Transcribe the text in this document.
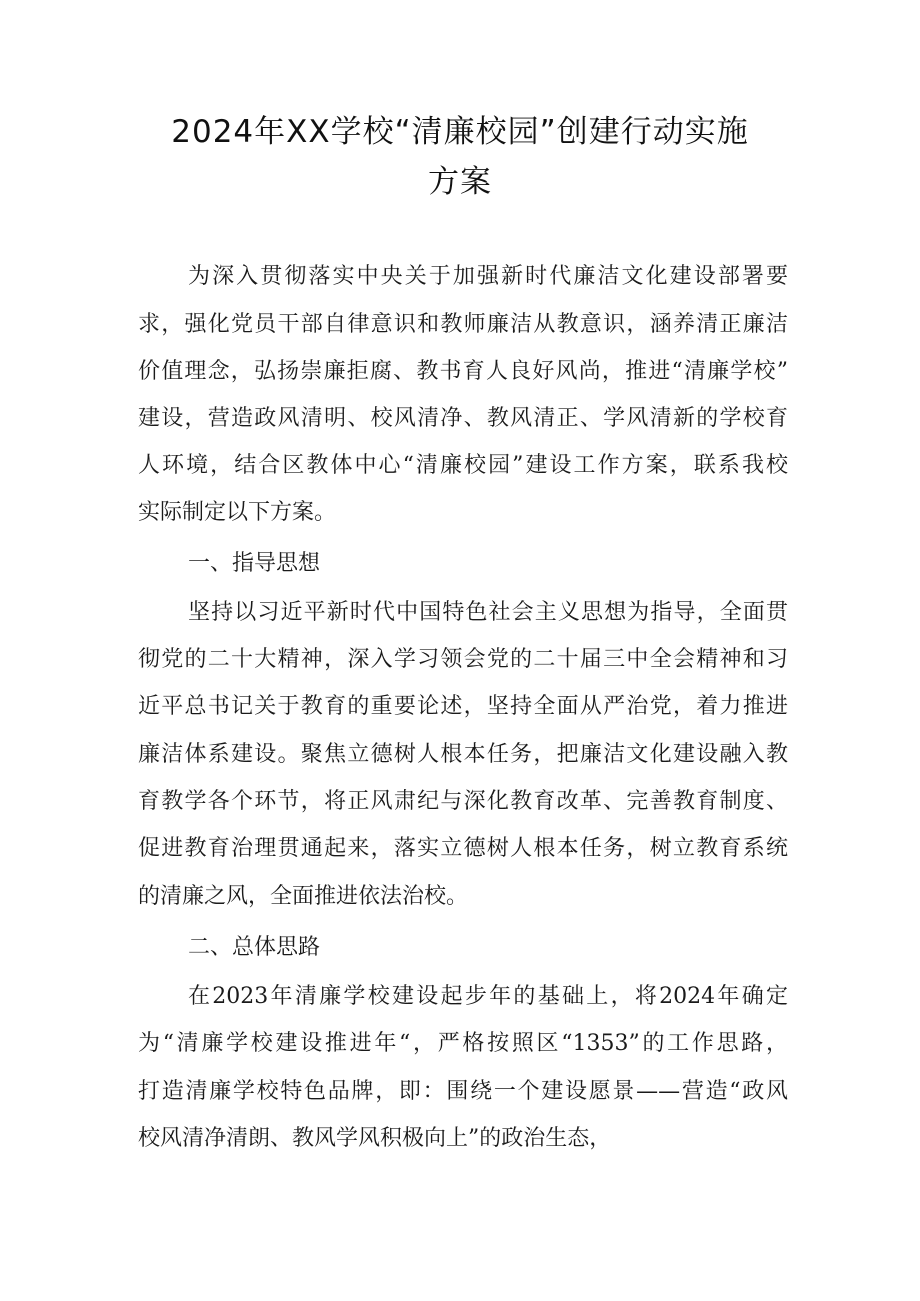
2024年XX学校“清廉校园”创建行动实施
方案
为深入贯彻落实中央关于加强新时代廉洁文化建设部署要
求，强化党员干部自律意识和教师廉洁从教意识，涵养清正廉洁
价值理念，弘扬崇廉拒腐、教书育人良好风尚，推进“清廉学校”
建设，营造政风清明、校风清净、教风清正、学风清新的学校育
人环境，结合区教体中心“清廉校园”建设工作方案，联系我校
实际制定以下方案。
一、指导思想
坚持以习近平新时代中国特色社会主义思想为指导，全面贯
彻党的二十大精神，深入学习领会党的二十届三中全会精神和习
近平总书记关于教育的重要论述，坚持全面从严治党，着力推进
廉洁体系建设。聚焦立德树人根本任务，把廉洁文化建设融入教
育教学各个环节，将正风肃纪与深化教育改革、完善教育制度、
促进教育治理贯通起来，落实立德树人根本任务，树立教育系统
的清廉之风，全面推进依法治校。
二、总体思路
在2023年清廉学校建设起步年的基础上，将2024年确定
为“清廉学校建设推进年“，严格按照区“1353”的工作思路，
打造清廉学校特色品牌，即：围绕一个建设愿景——营造“政风
校风清净清朗、教风学风积极向上”的政治生态，
